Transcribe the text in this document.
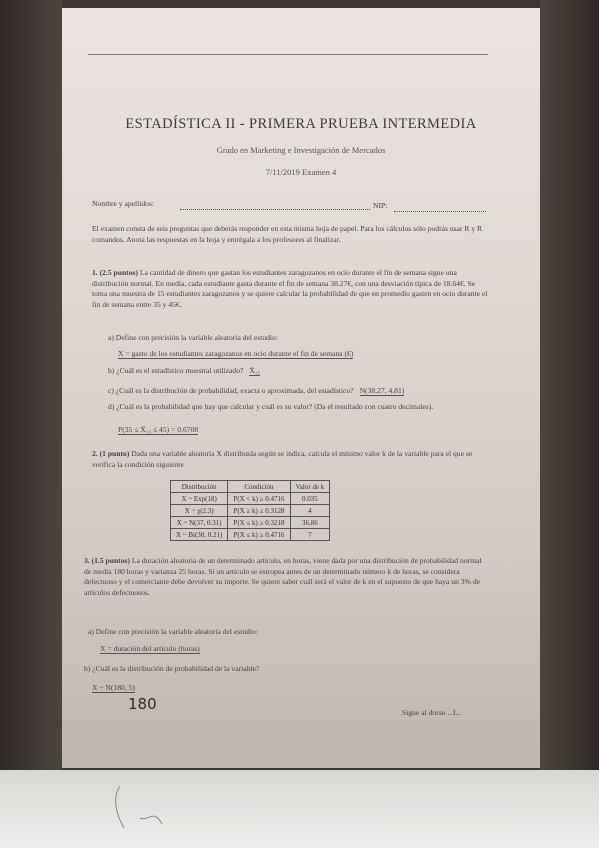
ESTADÍSTICA II - PRIMERA PRUEBA INTERMEDIA
Grado en Marketing e Investigación de Mercados
7/11/2019 Examen 4
Nombre y apellidos:	NIP:
El examen consta de seis preguntas que deberás responder en esta misma hoja de papel. Para los cálculos sólo podrás usar R y R comandos. Anota las respuestas en la hoja y entrégala a los profesores al finalizar.
1. (2.5 puntos) La cantidad de dinero que gastan los estudiantes zaragozanos en ocio durante el fin de semana sigue una distribución normal. En media, cada estudiante gasta durante el fin de semana 38.27€, con una desviación típica de 18.64€. Se toma una muestra de 15 estudiantes zaragozanos y se quiere calcular la probabilidad de que en promedio gasten en ocio durante el fin de semana entre 35 y 45€.
a) Define con precisión la variable aleatoria del estudio:
X = gasto de los estudiantes zaragozanos en ocio durante el fin de semana (€)
b) ¿Cuál es el estadístico muestral utilizado? X̄₁₅
c) ¿Cuál es la distribución de probabilidad, exacta o aproximada, del estadístico? N(38.27, 4.81)
d) ¿Cuál es la probabilidad que hay que calcular y cuál es su valor? (Da el resultado con cuatro decimales).
P(35 ≤ X̄₁₅ ≤ 45) = 0.6708
2. (1 punto) Dada una variable aleatoria X distribuida según se indica, calcula el mínimo valor k de la variable para el que se verifica la condición siguiente
Distribución	Condición	Valor de k
X ~ Exp(18)	P(X < k) ≥ 0.4716	0.035
X ~ χ(2.3)	P(X ≥ k) ≤ 0.3128	4
X ~ N(37, 0.31)	P(X ≤ k) ≥ 0.3218	36.86
X ~ Bi(30, 0.21)	P(X ≤ k) ≥ 0.4716	7
3. (1.5 puntos) La duración aleatoria de un determinado artículo, en horas, viene dada por una distribución de probabilidad normal de media 180 horas y varianza 25 horas. Si un artículo se estropea antes de un determinado número k de horas, se considera defectuoso y el comerciante debe devolver su importe. Se quiere saber cuál será el valor de k en el supuesto de que haya un 3% de artículos defectuosos.
a) Define con precisión la variable aleatoria del estudio:
X = duración del artículo (horas)
b) ¿Cuál es la distribución de probabilidad de la variable?
X ~ N(180, 5)
180	Sigue al dorso ...I...
